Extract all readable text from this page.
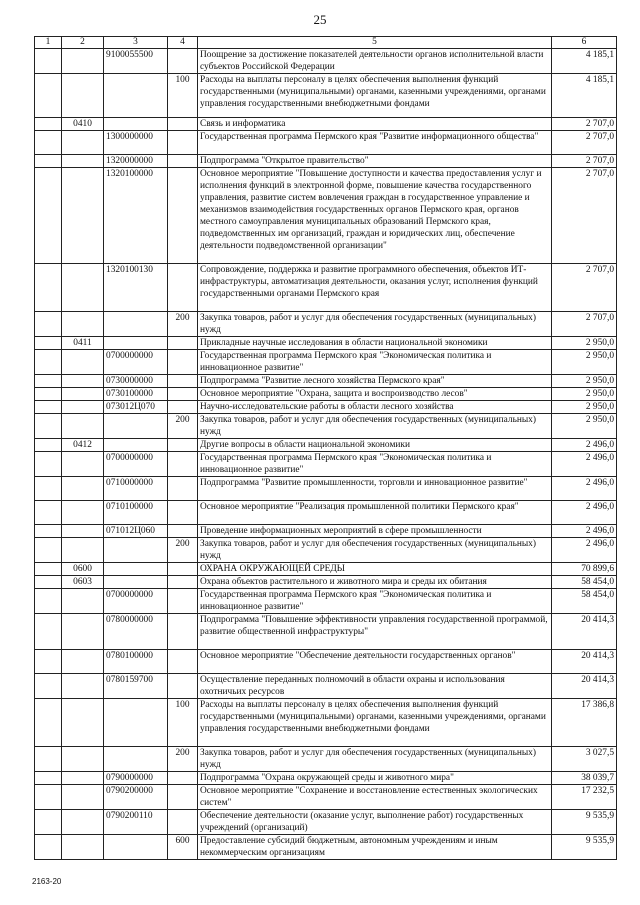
25
1	2	3	4	5	6
		9100055500		Поощрение за достижение показателей деятельности органов исполнительной власти субъектов Российской Федерации	4 185,1
			100	Расходы на выплаты персоналу в целях обеспечения выполнения функций государственными (муниципальными) органами, казенными учреждениями, органами управления государственными внебюджетными фондами	4 185,1
	0410			Связь и информатика	2 707,0
		1300000000		Государственная программа Пермского края "Развитие информационного общества"	2 707,0
		1320000000		Подпрограмма "Открытое правительство"	2 707,0
		1320100000		Основное мероприятие "Повышение доступности и качества предоставления услуг и исполнения функций в электронной форме, повышение качества государственного управления, развитие систем вовлечения граждан в государственное управление и механизмов взаимодействия государственных органов Пермского края, органов местного самоуправления муниципальных образований Пермского края, подведомственных им организаций, граждан и юридических лиц, обеспечение деятельности подведомственной организации"	2 707,0
		1320100130		Сопровождение, поддержка и развитие программного обеспечения, объектов ИТ-инфраструктуры, автоматизация деятельности, оказания услуг, исполнения функций государственными органами Пермского края	2 707,0
			200	Закупка товаров, работ и услуг для обеспечения государственных (муниципальных) нужд	2 707,0
	0411			Прикладные научные исследования в области национальной экономики	2 950,0
		0700000000		Государственная программа Пермского края "Экономическая политика и инновационное развитие"	2 950,0
		0730000000		Подпрограмма "Развитие лесного хозяйства Пермского края"	2 950,0
		0730100000		Основное мероприятие "Охрана, защита и воспроизводство лесов"	2 950,0
		073012Ц070		Научно-исследовательские работы в области лесного хозяйства	2 950,0
			200	Закупка товаров, работ и услуг для обеспечения государственных (муниципальных) нужд	2 950,0
	0412			Другие вопросы в области национальной экономики	2 496,0
		0700000000		Государственная программа Пермского края "Экономическая политика и инновационное развитие"	2 496,0
		0710000000		Подпрограмма "Развитие промышленности, торговли и инновационное развитие"	2 496,0
		0710100000		Основное мероприятие "Реализация промышленной политики Пермского края"	2 496,0
		071012Ц060		Проведение информационных мероприятий в сфере промышленности	2 496,0
			200	Закупка товаров, работ и услуг для обеспечения государственных (муниципальных) нужд	2 496,0
	0600			ОХРАНА ОКРУЖАЮЩЕЙ СРЕДЫ	70 899,6
	0603			Охрана объектов растительного и животного мира и среды их обитания	58 454,0
		0700000000		Государственная программа Пермского края "Экономическая политика и инновационное развитие"	58 454,0
		0780000000		Подпрограмма "Повышение эффективности управления государственной программой, развитие общественной инфраструктуры"	20 414,3
		0780100000		Основное мероприятие "Обеспечение деятельности государственных органов"	20 414,3
		0780159700		Осуществление переданных полномочий в области охраны и использования охотничьих ресурсов	20 414,3
			100	Расходы на выплаты персоналу в целях обеспечения выполнения функций государственными (муниципальными) органами, казенными учреждениями, органами управления государственными внебюджетными фондами	17 386,8
			200	Закупка товаров, работ и услуг для обеспечения государственных (муниципальных) нужд	3 027,5
		0790000000		Подпрограмма "Охрана окружающей среды и животного мира"	38 039,7
		0790200000		Основное мероприятие "Сохранение и восстановление естественных экологических систем"	17 232,5
		0790200110		Обеспечение деятельности (оказание услуг, выполнение работ) государственных учреждений (организаций)	9 535,9
			600	Предоставление субсидий бюджетным, автономным учреждениям и иным некоммерческим организациям	9 535,9
2163-20
